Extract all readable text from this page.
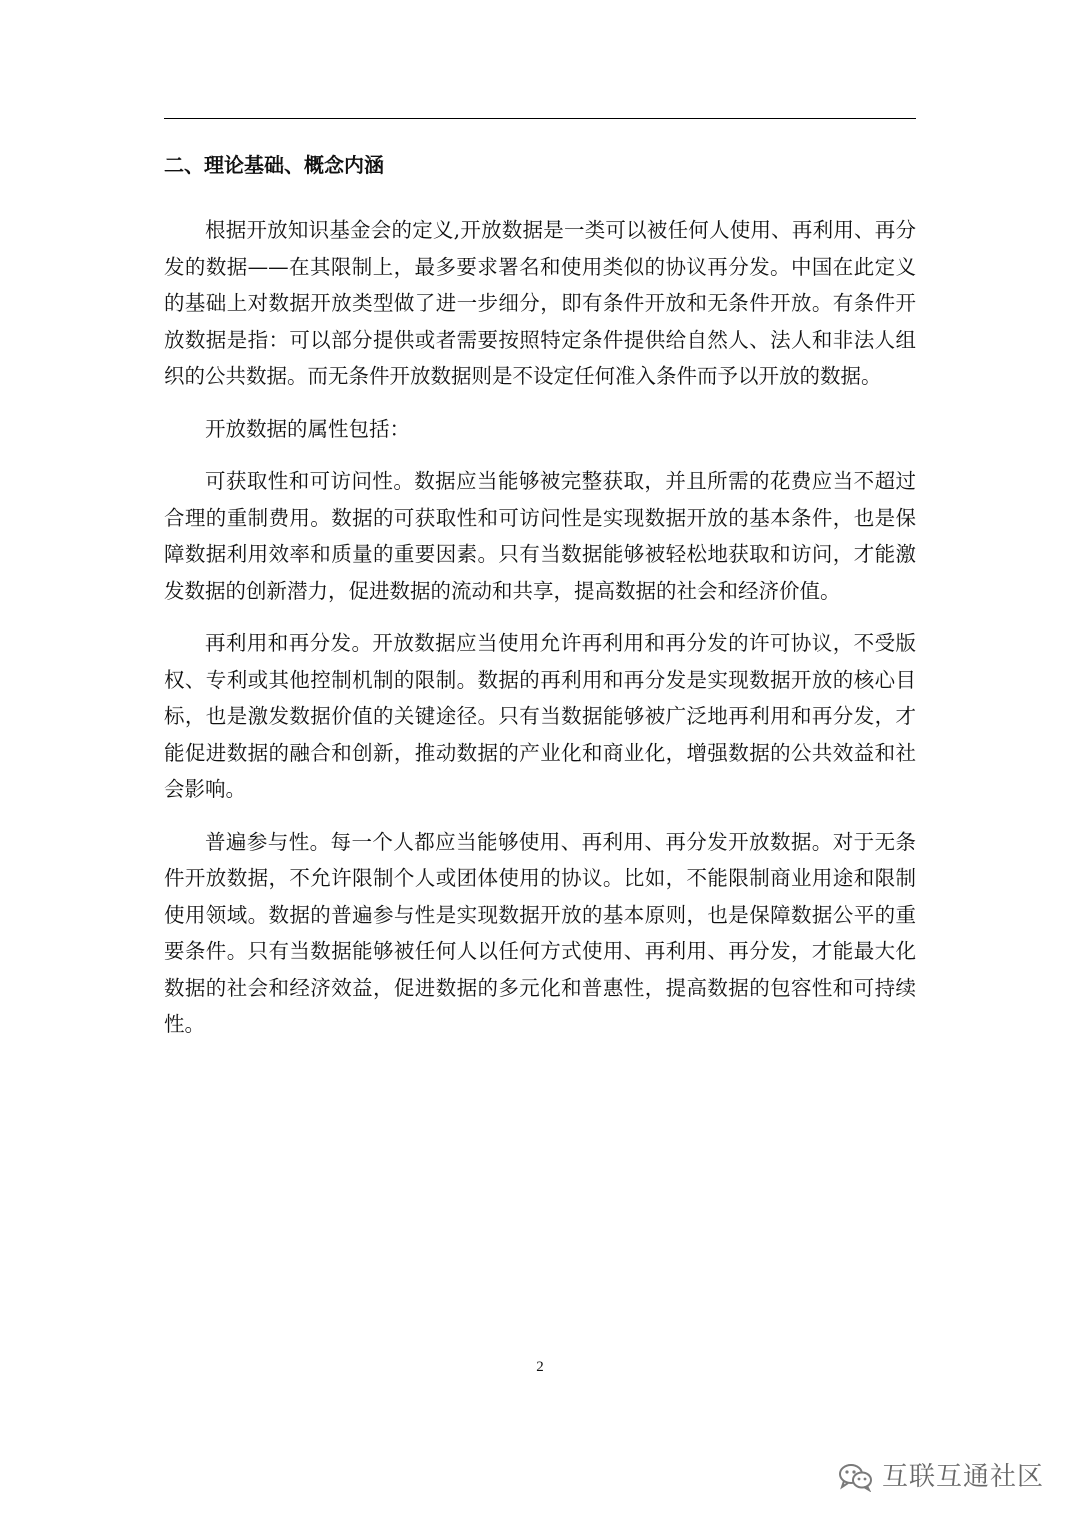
二、理论基础、概念内涵

根据开放知识基金会的定义,开放数据是一类可以被任何人使用、再利用、再分发的数据——在其限制上，最多要求署名和使用类似的协议再分发。中国在此定义的基础上对数据开放类型做了进一步细分，即有条件开放和无条件开放。有条件开放数据是指：可以部分提供或者需要按照特定条件提供给自然人、法人和非法人组织的公共数据。而无条件开放数据则是不设定任何准入条件而予以开放的数据。

开放数据的属性包括：

可获取性和可访问性。数据应当能够被完整获取，并且所需的花费应当不超过合理的重制费用。数据的可获取性和可访问性是实现数据开放的基本条件，也是保障数据利用效率和质量的重要因素。只有当数据能够被轻松地获取和访问，才能激发数据的创新潜力，促进数据的流动和共享，提高数据的社会和经济价值。

再利用和再分发。开放数据应当使用允许再利用和再分发的许可协议，不受版权、专利或其他控制机制的限制。数据的再利用和再分发是实现数据开放的核心目标，也是激发数据价值的关键途径。只有当数据能够被广泛地再利用和再分发，才能促进数据的融合和创新，推动数据的产业化和商业化，增强数据的公共效益和社会影响。

普遍参与性。每一个人都应当能够使用、再利用、再分发开放数据。对于无条件开放数据，不允许限制个人或团体使用的协议。比如，不能限制商业用途和限制使用领域。数据的普遍参与性是实现数据开放的基本原则，也是保障数据公平的重要条件。只有当数据能够被任何人以任何方式使用、再利用、再分发，才能最大化数据的社会和经济效益，促进数据的多元化和普惠性，提高数据的包容性和可持续性。

2
互联互通社区
